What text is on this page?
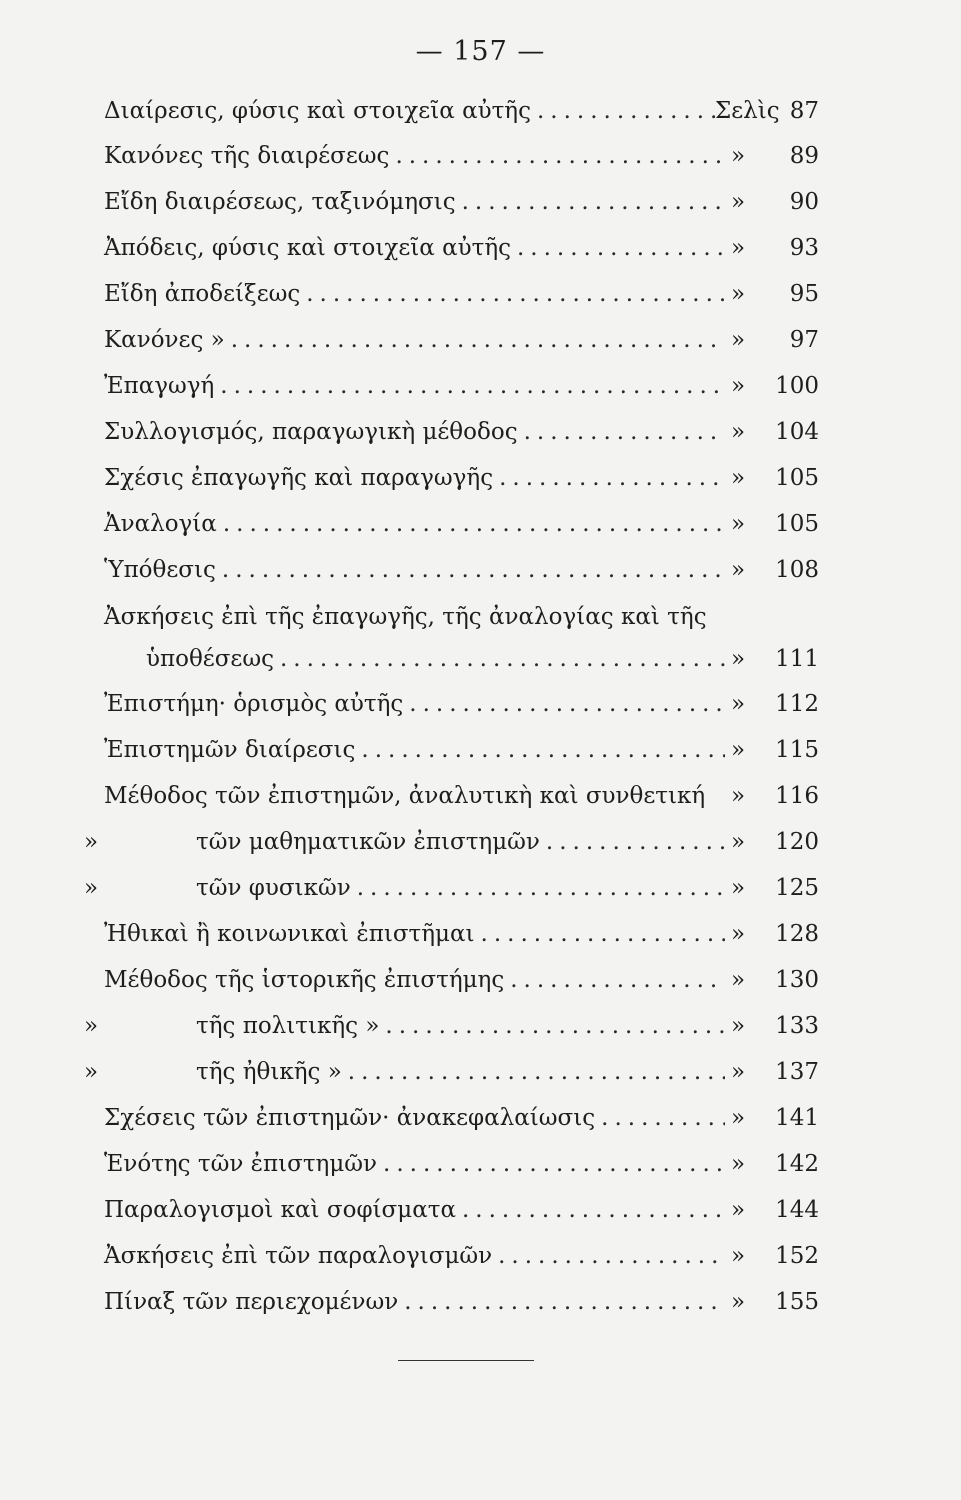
— 157 —
Διαίρεσις, φύσις καὶ στοιχεῖα αὐτῆς .....	Σελὶς 87
Κανόνες τῆς διαιρέσεως .....	»	89
Εἴδη διαιρέσεως, ταξινόμησις .....	»	90
Ἀπόδεις, φύσις καὶ στοιχεῖα αὐτῆς .....	»	93
Εἴδη ἀποδείξεως .....	»	95
Κανόνες » .....	»	97
Ἐπαγωγή .....	»	100
Συλλογισμός, παραγωγικὴ μέθοδος .....	»	104
Σχέσις ἐπαγωγῆς καὶ παραγωγῆς .....	»	105
Ἀναλογία .....	»	105
Ὑπόθεσις .....	»	108
Ἀσκήσεις ἐπὶ τῆς ἐπαγωγῆς, τῆς ἀναλογίας καὶ τῆς
ὑποθέσεως .....	»	111
Ἐπιστήμη· ὁρισμὸς αὐτῆς .....	»	112
Ἐπιστημῶν διαίρεσις .....	»	115
Μέθοδος τῶν ἐπιστημῶν, ἀναλυτικὴ καὶ συνθετική »	116
»	τῶν μαθηματικῶν ἐπιστημῶν .....	»	120
»	τῶν φυσικῶν .....	»	125
Ἠθικαὶ ἢ κοινωνικαὶ ἐπιστῆμαι .....	»	128
Μέθοδος τῆς ἱστορικῆς ἐπιστήμης .....	»	130
»	τῆς πολιτικῆς » .....	»	133
»	τῆς ἠθικῆς » .....	»	137
Σχέσεις τῶν ἐπιστημῶν· ἀνακεφαλαίωσις .....	»	141
Ἑνότης τῶν ἐπιστημῶν .....	»	142
Παραλογισμοὶ καὶ σοφίσματα .....	»	144
Ἀσκήσεις ἐπὶ τῶν παραλογισμῶν .....	»	152
Πίναξ τῶν περιεχομένων .....	»	155
